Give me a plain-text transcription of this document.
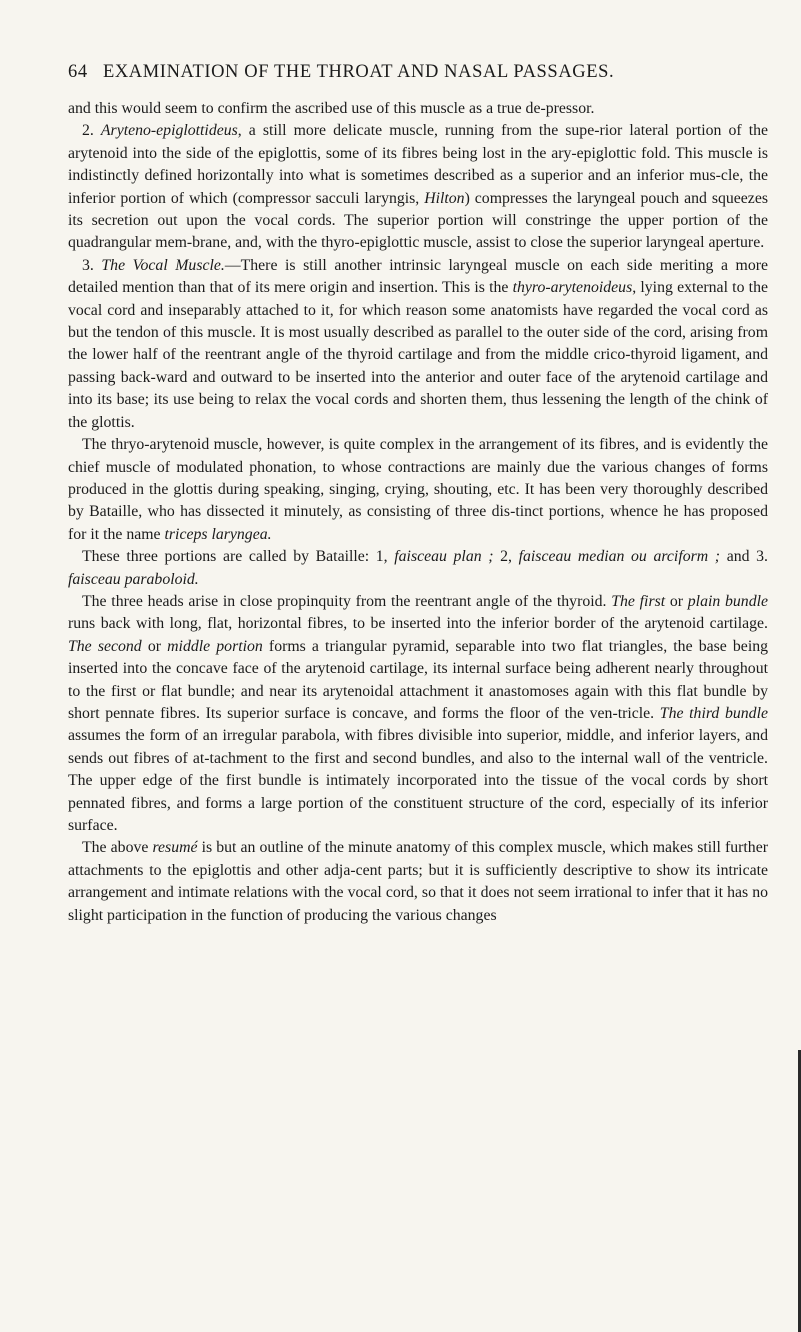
64 EXAMINATION OF THE THROAT AND NASAL PASSAGES.

and this would seem to confirm the ascribed use of this muscle as a true de-pressor.

2. Aryteno-epiglottideus, a still more delicate muscle, running from the supe-rior lateral portion of the arytenoid into the side of the epiglottis, some of its fibres being lost in the ary-epiglottic fold. This muscle is indistinctly defined horizontally into what is sometimes described as a superior and an inferior mus-cle, the inferior portion of which (compressor sacculi laryngis, Hilton) compresses the laryngeal pouch and squeezes its secretion out upon the vocal cords. The superior portion will constringe the upper portion of the quadrangular mem-brane, and, with the thyro-epiglottic muscle, assist to close the superior laryngeal aperture.

3. The Vocal Muscle.—There is still another intrinsic laryngeal muscle on each side meriting a more detailed mention than that of its mere origin and insertion. This is the thyro-arytenoideus, lying external to the vocal cord and inseparably attached to it, for which reason some anatomists have regarded the vocal cord as but the tendon of this muscle. It is most usually described as parallel to the outer side of the cord, arising from the lower half of the reentrant angle of the thyroid cartilage and from the middle crico-thyroid ligament, and passing back-ward and outward to be inserted into the anterior and outer face of the arytenoid cartilage and into its base; its use being to relax the vocal cords and shorten them, thus lessening the length of the chink of the glottis.

The thryo-arytenoid muscle, however, is quite complex in the arrangement of its fibres, and is evidently the chief muscle of modulated phonation, to whose contractions are mainly due the various changes of forms produced in the glottis during speaking, singing, crying, shouting, etc. It has been very thoroughly described by Bataille, who has dissected it minutely, as consisting of three dis-tinct portions, whence he has proposed for it the name triceps laryngea.

These three portions are called by Bataille: 1, faisceau plan ; 2, faisceau median ou arciform ; and 3. faisceau paraboloid.

The three heads arise in close propinquity from the reentrant angle of the thyroid. The first or plain bundle runs back with long, flat, horizontal fibres, to be inserted into the inferior border of the arytenoid cartilage. The second or middle portion forms a triangular pyramid, separable into two flat triangles, the base being inserted into the concave face of the arytenoid cartilage, its internal surface being adherent nearly throughout to the first or flat bundle; and near its arytenoidal attachment it anastomoses again with this flat bundle by short pennate fibres. Its superior surface is concave, and forms the floor of the ven-tricle. The third bundle assumes the form of an irregular parabola, with fibres divisible into superior, middle, and inferior layers, and sends out fibres of at-tachment to the first and second bundles, and also to the internal wall of the ventricle. The upper edge of the first bundle is intimately incorporated into the tissue of the vocal cords by short pennated fibres, and forms a large portion of the constituent structure of the cord, especially of its inferior surface.

The above resumé is but an outline of the minute anatomy of this complex muscle, which makes still further attachments to the epiglottis and other adja-cent parts; but it is sufficiently descriptive to show its intricate arrangement and intimate relations with the vocal cord, so that it does not seem irrational to infer that it has no slight participation in the function of producing the various changes
